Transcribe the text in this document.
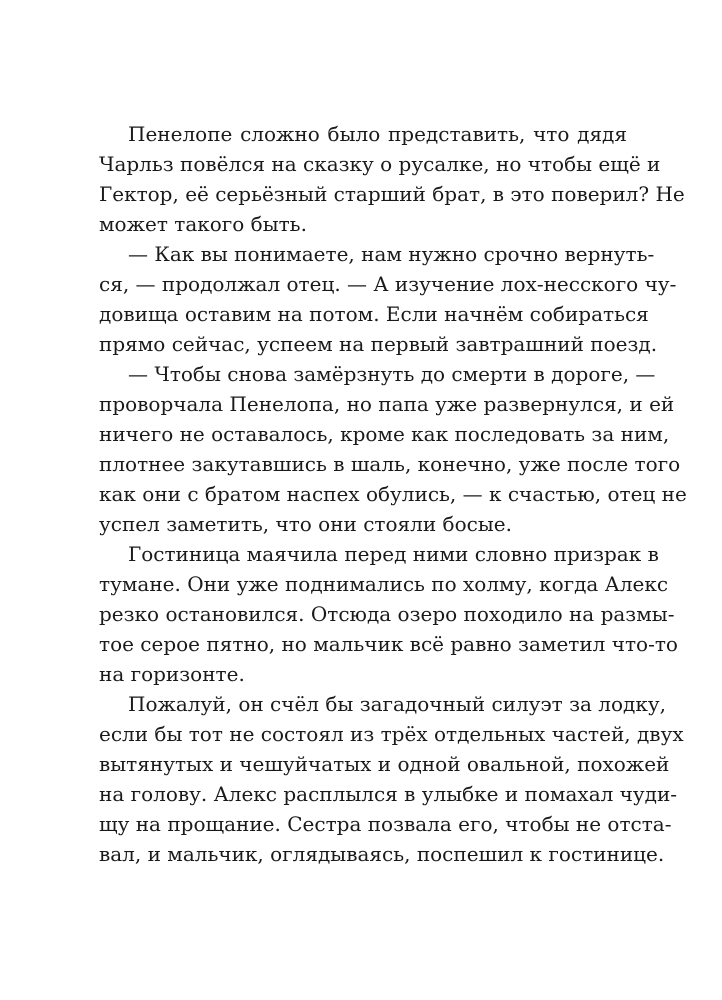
Пенелопе сложно было представить, что дядя
Чарльз повёлся на сказку о русалке, но чтобы ещё и
Гектор, её серьёзный старший брат, в это поверил? Не
может такого быть.
— Как вы понимаете, нам нужно срочно вернуть-
ся, — продолжал отец. — А изучение лох-несского чу-
довища оставим на потом. Если начнём собираться
прямо сейчас, успеем на первый завтрашний поезд.
— Чтобы снова замёрзнуть до смерти в дороге, —
проворчала Пенелопа, но папа уже развернулся, и ей
ничего не оставалось, кроме как последовать за ним,
плотнее закутавшись в шаль, конечно, уже после того
как они с братом наспех обулись, — к счастью, отец не
успел заметить, что они стояли босые.
Гостиница маячила перед ними словно призрак в
тумане. Они уже поднимались по холму, когда Алекс
резко остановился. Отсюда озеро походило на размы-
тое серое пятно, но мальчик всё равно заметил что-то
на горизонте.
Пожалуй, он счёл бы загадочный силуэт за лодку,
если бы тот не состоял из трёх отдельных частей, двух
вытянутых и чешуйчатых и одной овальной, похожей
на голову. Алекс расплылся в улыбке и помахал чуди-
щу на прощание. Сестра позвала его, чтобы не отста-
вал, и мальчик, оглядываясь, поспешил к гостинице.
